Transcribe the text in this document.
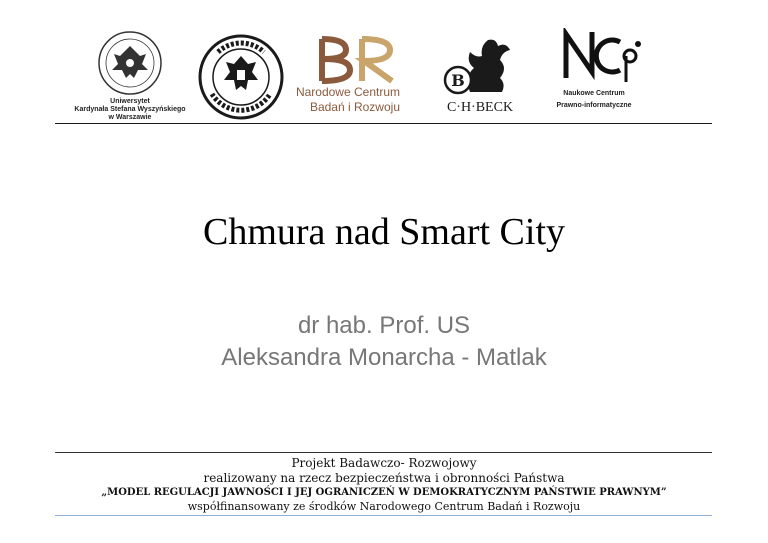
Uniwersytet
Kardynała Stefana Wyszyńskiego
w Warszawie
Narodowe Centrum
Badań i Rozwoju
B
C·H·BECK
Naukowe Centrum
Prawno-informatyczne
Chmura nad Smart City
dr hab. Prof. US
Aleksandra Monarcha - Matlak
Projekt Badawczo- Rozwojowy
realizowany na rzecz bezpieczeństwa i obronności Państwa
„MODEL REGULACJI JAWNOŚCI I JEJ OGRANICZEŃ W DEMOKRATYCZNYM PAŃSTWIE PRAWNYM”
współfinansowany ze środków Narodowego Centrum Badań i Rozwoju
